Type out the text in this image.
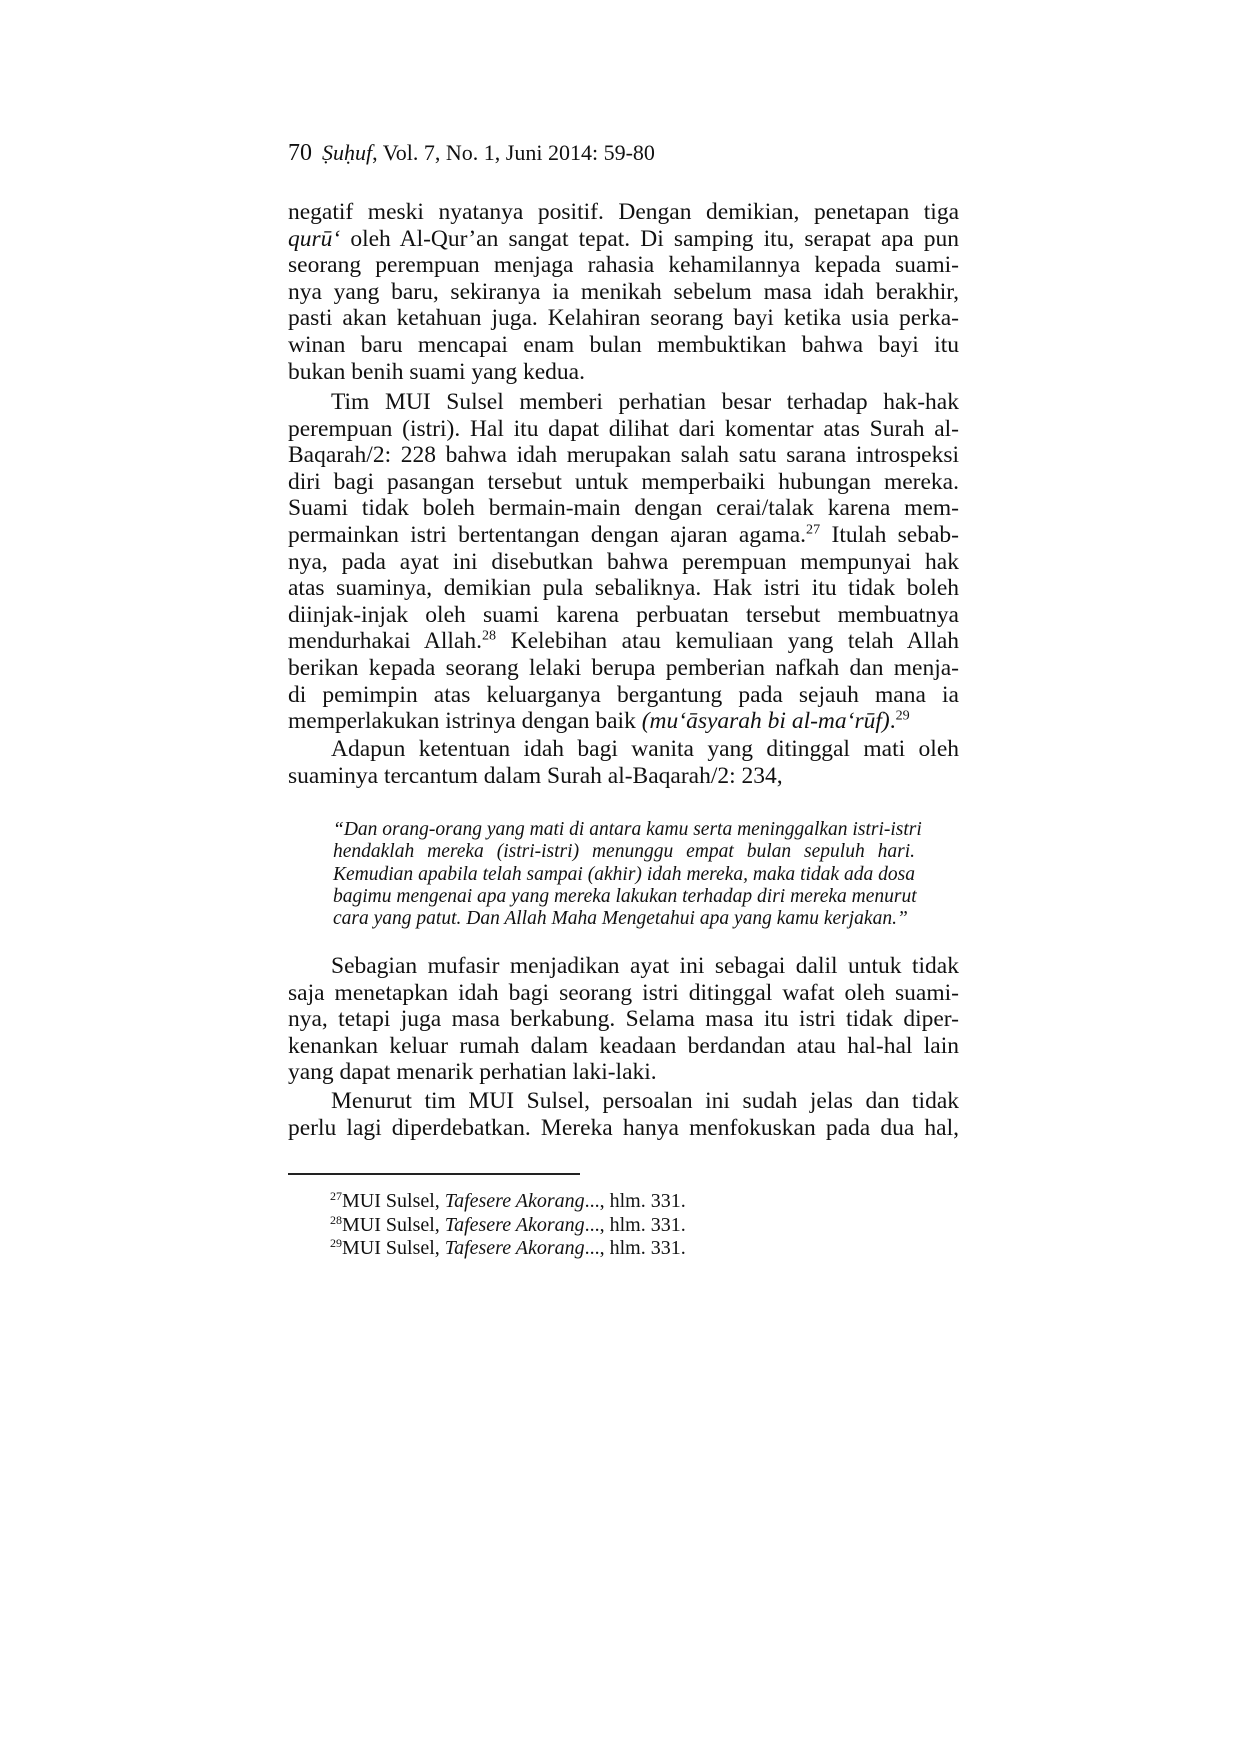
70 Ṣuḥuf, Vol. 7, No. 1, Juni 2014: 59-80
negatif meski nyatanya positif. Dengan demikian, penetapan tiga
qurū‘ oleh Al-Qur’an sangat tepat. Di samping itu, serapat apa pun
seorang perempuan menjaga rahasia kehamilannya kepada suami-
nya yang baru, sekiranya ia menikah sebelum masa idah berakhir,
pasti akan ketahuan juga. Kelahiran seorang bayi ketika usia perka-
winan baru mencapai enam bulan membuktikan bahwa bayi itu
bukan benih suami yang kedua.
Tim MUI Sulsel memberi perhatian besar terhadap hak-hak
perempuan (istri). Hal itu dapat dilihat dari komentar atas Surah al-
Baqarah/2: 228 bahwa idah merupakan salah satu sarana introspeksi
diri bagi pasangan tersebut untuk memperbaiki hubungan mereka.
Suami tidak boleh bermain-main dengan cerai/talak karena mem-
permainkan istri bertentangan dengan ajaran agama.$^{27}$ Itulah sebab-
nya, pada ayat ini disebutkan bahwa perempuan mempunyai hak
atas suaminya, demikian pula sebaliknya. Hak istri itu tidak boleh
diinjak-injak oleh suami karena perbuatan tersebut membuatnya
mendurhakai Allah.$^{28}$ Kelebihan atau kemuliaan yang telah Allah
berikan kepada seorang lelaki berupa pemberian nafkah dan menja-
di pemimpin atas keluarganya bergantung pada sejauh mana ia
memperlakukan istrinya dengan baik (mu‘āsyarah bi al-ma‘rūf).$^{29}$
Adapun ketentuan idah bagi wanita yang ditinggal mati oleh
suaminya tercantum dalam Surah al-Baqarah/2: 234,
“Dan orang-orang yang mati di antara kamu serta meninggalkan istri-istri
hendaklah mereka (istri-istri) menunggu empat bulan sepuluh hari.
Kemudian apabila telah sampai (akhir) idah mereka, maka tidak ada dosa
bagimu mengenai apa yang mereka lakukan terhadap diri mereka menurut
cara yang patut. Dan Allah Maha Mengetahui apa yang kamu kerjakan.”
Sebagian mufasir menjadikan ayat ini sebagai dalil untuk tidak
saja menetapkan idah bagi seorang istri ditinggal wafat oleh suami-
nya, tetapi juga masa berkabung. Selama masa itu istri tidak diper-
kenankan keluar rumah dalam keadaan berdandan atau hal-hal lain
yang dapat menarik perhatian laki-laki.
Menurut tim MUI Sulsel, persoalan ini sudah jelas dan tidak
perlu lagi diperdebatkan. Mereka hanya menfokuskan pada dua hal,
$^{27}$MUI Sulsel, Tafesere Akorang..., hlm. 331.
$^{28}$MUI Sulsel, Tafesere Akorang..., hlm. 331.
$^{29}$MUI Sulsel, Tafesere Akorang..., hlm. 331.
